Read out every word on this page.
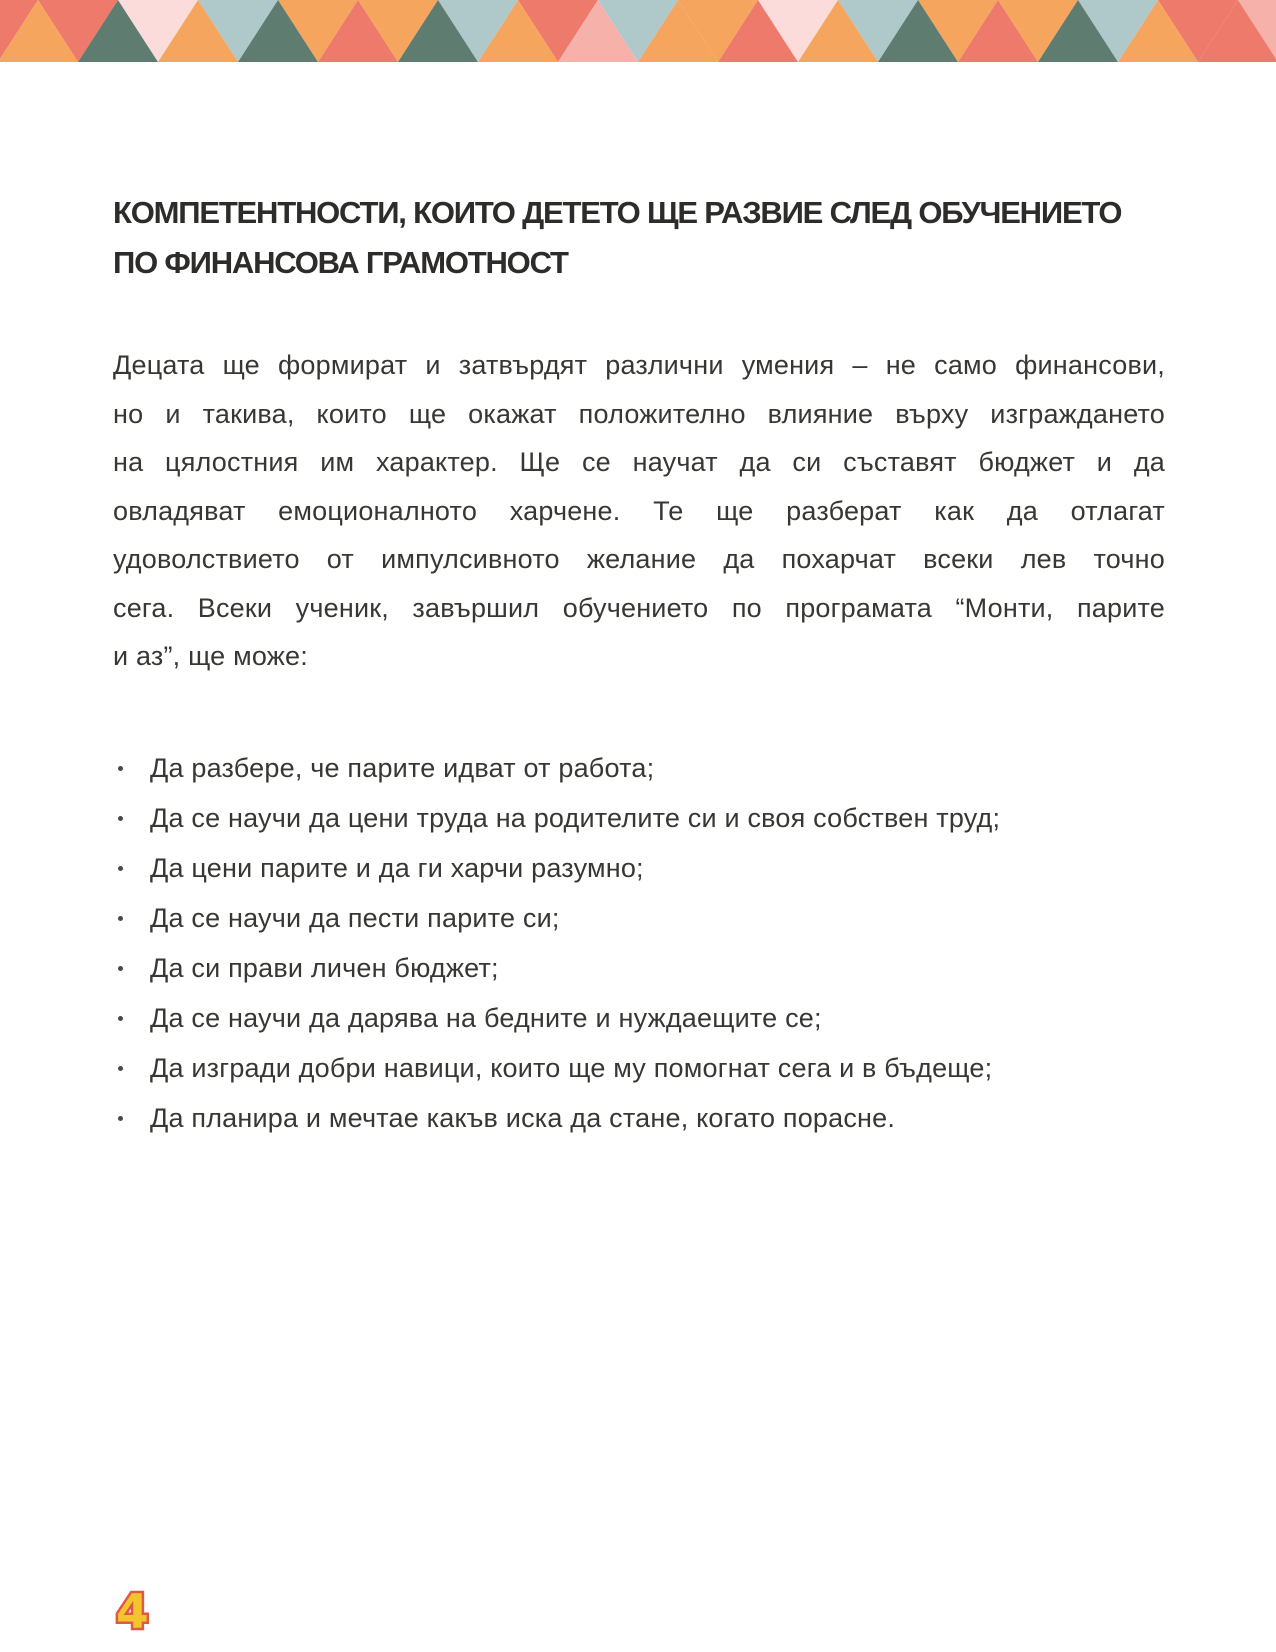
КОМПЕТЕНТНОСТИ, КОИТО ДЕТЕТО ЩЕ РАЗВИЕ СЛЕД ОБУЧЕНИЕТО
ПО ФИНАНСОВА ГРАМОТНОСТ
Децата ще формират и затвърдят различни умения – не само финансови,
но и такива, които ще окажат положително влияние върху изграждането
на цялостния им характер. Ще се научат да си съставят бюджет и да
овладяват емоционалното харчене. Те ще разберат как да отлагат
удоволствието от импулсивното желание да похарчат всеки лев точно
сега. Всеки ученик, завършил обучението по програмата “Монти, парите
и аз”, ще може:
Да разбере, че парите идват от работа;
Да се научи да цени труда на родителите си и своя собствен труд;
Да цени парите и да ги харчи разумно;
Да се научи да пести парите си;
Да си прави личен бюджет;
Да се научи да дарява на бедните и нуждаещите се;
Да изгради добри навици, които ще му помогнат сега и в бъдеще;
Да планира и мечтае какъв иска да стане, когато порасне.
4
